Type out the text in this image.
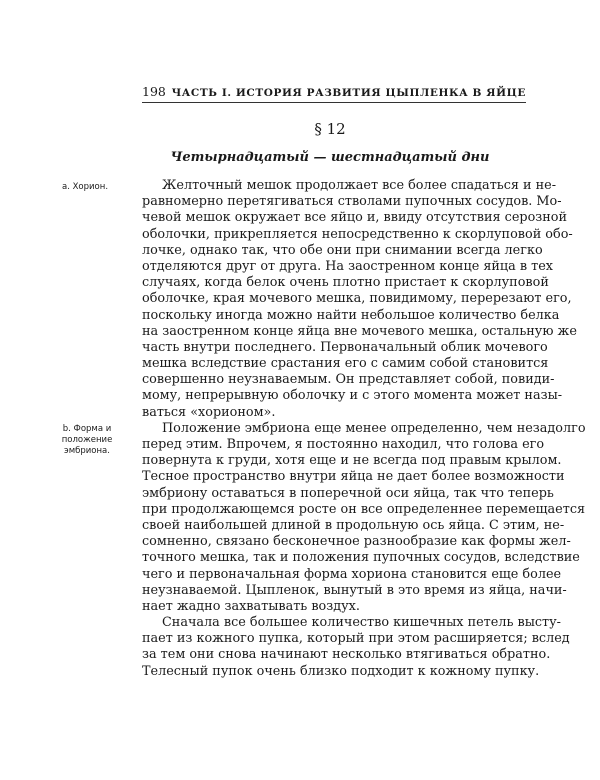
198 ЧАСТЬ I. ИСТОРИЯ РАЗВИТИЯ ЦЫПЛЕНКА В ЯЙЦЕ
§ 12
Четырнадцатый — шестнадцатый дни
a. Хорион.
b. Форма и
положение
эмбриона.
Желточный мешок продолжает все более спадаться и не-
равномерно перетягиваться стволами пупочных сосудов. Мо-
чевой мешок окружает все яйцо и, ввиду отсутствия серозной
оболочки, прикрепляется непосредственно к скорлуповой обо-
лочке, однако так, что обе они при снимании всегда легко
отделяются друг от друга. На заостренном конце яйца в тех
случаях, когда белок очень плотно пристает к скорлуповой
оболочке, края мочевого мешка, повидимому, перерезают его,
поскольку иногда можно найти небольшое количество белка
на заостренном конце яйца вне мочевого мешка, остальную же
часть внутри последнего. Первоначальный облик мочевого
мешка вследствие срастания его с самим собой становится
совершенно неузнаваемым. Он представляет собой, повиди-
мому, непрерывную оболочку и с этого момента может назы-
ваться «хорионом».
Положение эмбриона еще менее определенно, чем незадолго
перед этим. Впрочем, я постоянно находил, что голова его
повернута к груди, хотя еще и не всегда под правым крылом.
Тесное пространство внутри яйца не дает более возможности
эмбриону оставаться в поперечной оси яйца, так что теперь
при продолжающемся росте он все определеннее перемещается
своей наибольшей длиной в продольную ось яйца. С этим, не-
сомненно, связано бесконечное разнообразие как формы жел-
точного мешка, так и положения пупочных сосудов, вследствие
чего и первоначальная форма хориона становится еще более
неузнаваемой. Цыпленок, вынутый в это время из яйца, начи-
нает жадно захватывать воздух.
Сначала все большее количество кишечных петель высту-
пает из кожного пупка, который при этом расширяется; вслед
за тем они снова начинают несколько втягиваться обратно.
Телесный пупок очень близко подходит к кожному пупку.
